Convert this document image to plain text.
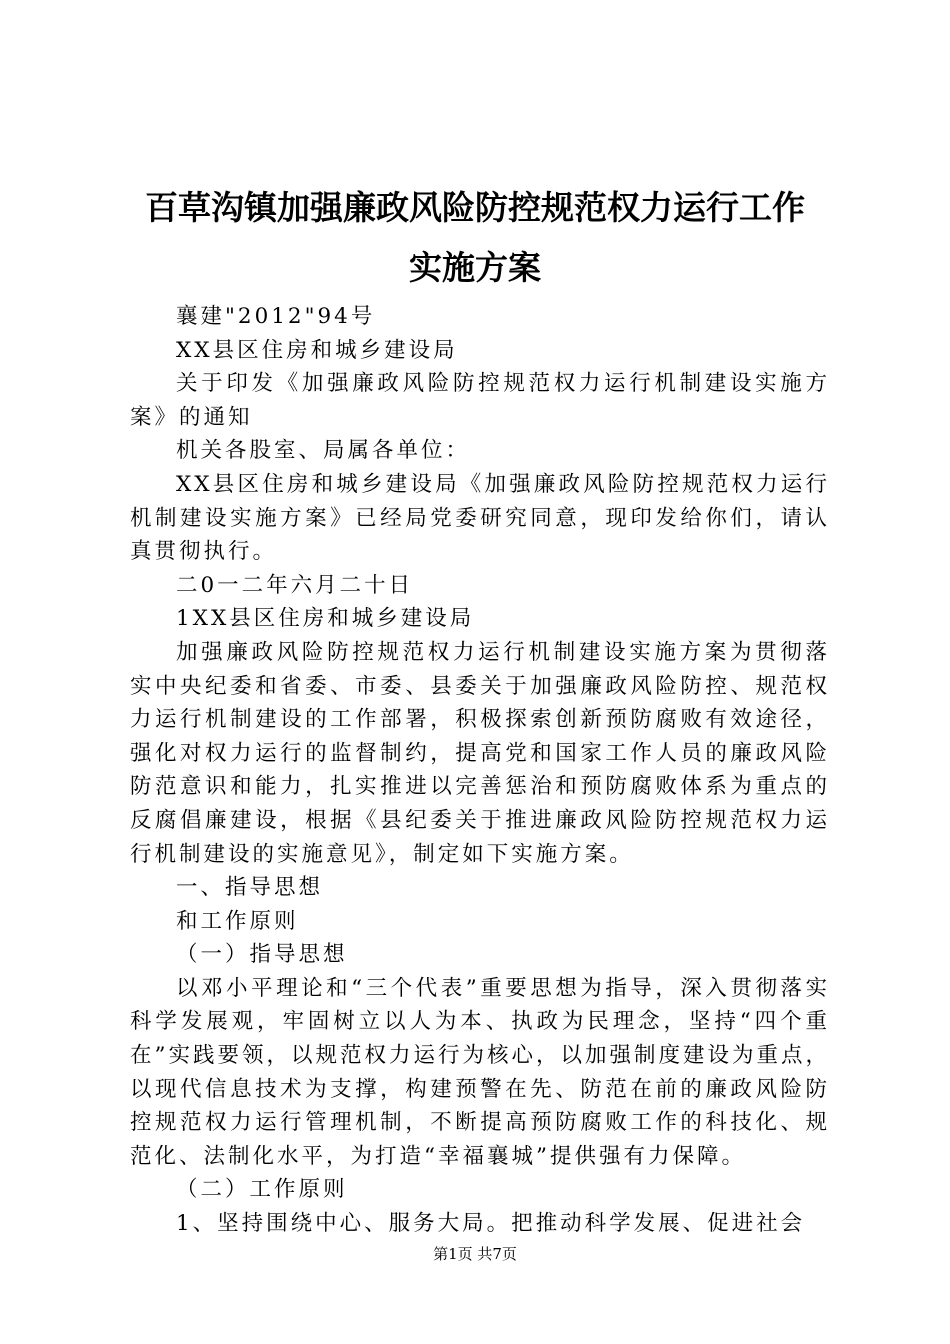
百草沟镇加强廉政风险防控规范权力运行工作
实施方案

襄建"2012"94号

XX县区住房和城乡建设局

关于印发《加强廉政风险防控规范权力运行机制建设实施方案》的通知

机关各股室、局属各单位：

XX县区住房和城乡建设局《加强廉政风险防控规范权力运行机制建设实施方案》已经局党委研究同意，现印发给你们，请认真贯彻执行。

二0一二年六月二十日

1XX县区住房和城乡建设局

加强廉政风险防控规范权力运行机制建设实施方案为贯彻落实中央纪委和省委、市委、县委关于加强廉政风险防控、规范权力运行机制建设的工作部署，积极探索创新预防腐败有效途径，强化对权力运行的监督制约，提高党和国家工作人员的廉政风险防范意识和能力，扎实推进以完善惩治和预防腐败体系为重点的反腐倡廉建设，根据《县纪委关于推进廉政风险防控规范权力运行机制建设的实施意见》，制定如下实施方案。

一、指导思想

和工作原则

（一）指导思想

以邓小平理论和“三个代表”重要思想为指导，深入贯彻落实科学发展观，牢固树立以人为本、执政为民理念，坚持“四个重在”实践要领，以规范权力运行为核心，以加强制度建设为重点，以现代信息技术为支撑，构建预警在先、防范在前的廉政风险防控规范权力运行管理机制，不断提高预防腐败工作的科技化、规范化、法制化水平，为打造“幸福襄城”提供强有力保障。

（二）工作原则

1、坚持围绕中心、服务大局。把推动科学发展、促进社会

第1页 共7页
